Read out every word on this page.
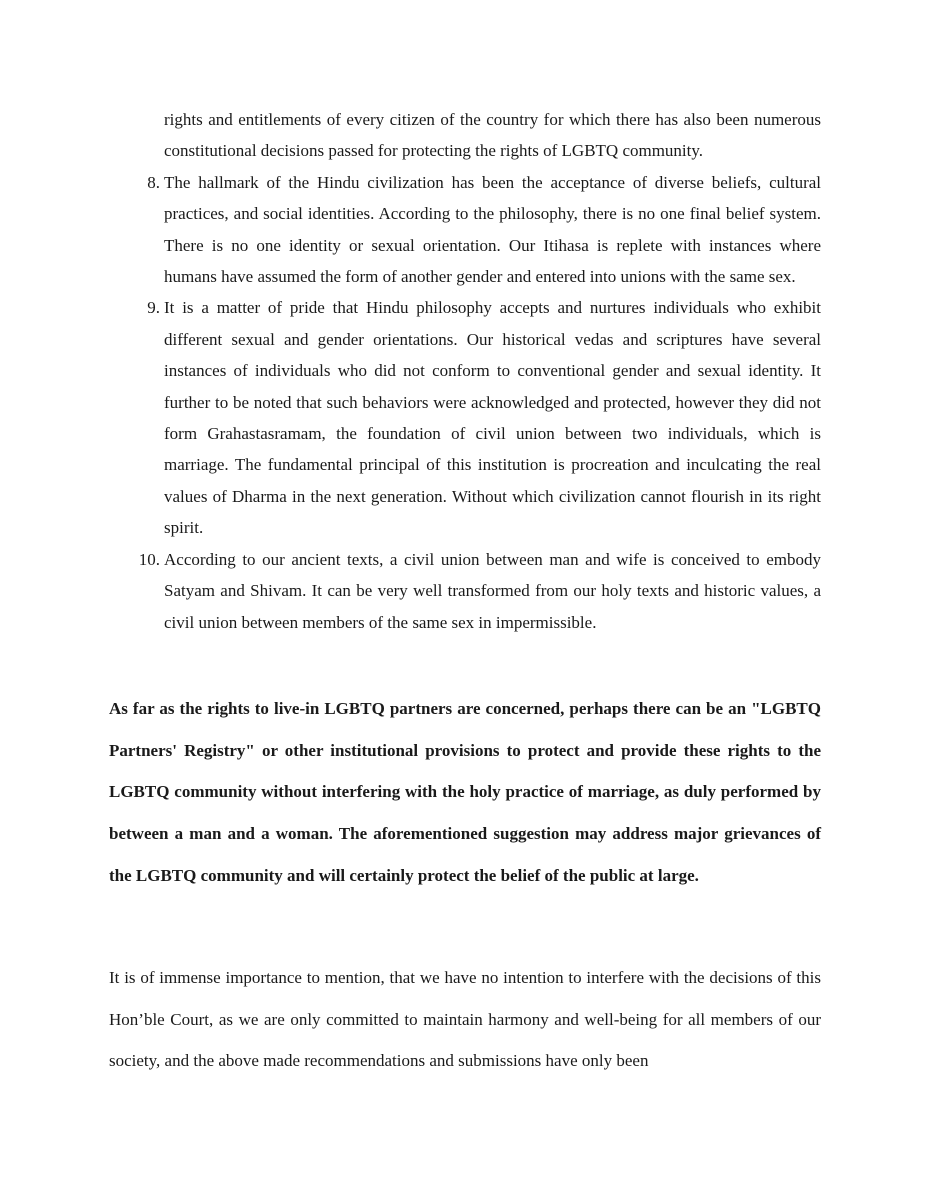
rights and entitlements of every citizen of the country for which there has also been numerous constitutional decisions passed for protecting the rights of LGBTQ community.
8. The hallmark of the Hindu civilization has been the acceptance of diverse beliefs, cultural practices, and social identities. According to the philosophy, there is no one final belief system. There is no one identity or sexual orientation. Our Itihasa is replete with instances where humans have assumed the form of another gender and entered into unions with the same sex.
9. It is a matter of pride that Hindu philosophy accepts and nurtures individuals who exhibit different sexual and gender orientations. Our historical vedas and scriptures have several instances of individuals who did not conform to conventional gender and sexual identity. It further to be noted that such behaviors were acknowledged and protected, however they did not form Grahastasramam, the foundation of civil union between two individuals, which is marriage. The fundamental principal of this institution is procreation and inculcating the real values of Dharma in the next generation. Without which civilization cannot flourish in its right spirit.
10. According to our ancient texts, a civil union between man and wife is conceived to embody Satyam and Shivam. It can be very well transformed from our holy texts and historic values, a civil union between members of the same sex in impermissible.

As far as the rights to live-in LGBTQ partners are concerned, perhaps there can be an "LGBTQ Partners' Registry" or other institutional provisions to protect and provide these rights to the LGBTQ community without interfering with the holy practice of marriage, as duly performed by between a man and a woman. The aforementioned suggestion may address major grievances of the LGBTQ community and will certainly protect the belief of the public at large.

It is of immense importance to mention, that we have no intention to interfere with the decisions of this Hon’ble Court, as we are only committed to maintain harmony and well-being for all members of our society, and the above made recommendations and submissions have only been
